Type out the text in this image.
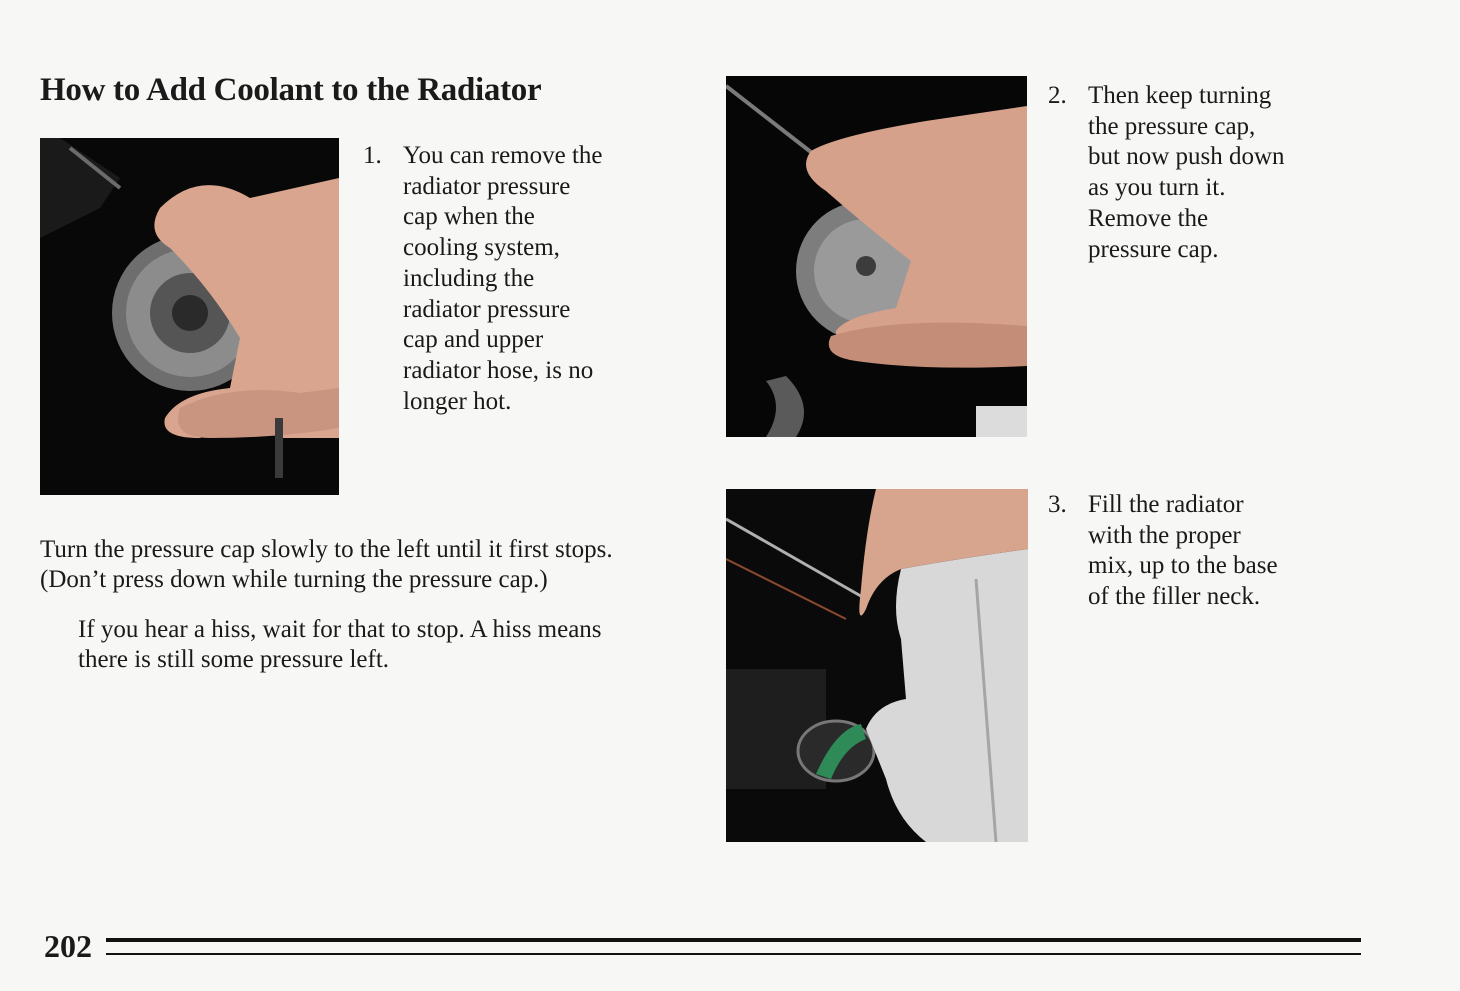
How to Add Coolant to the Radiator
1. You can remove the
radiator pressure
cap when the
cooling system,
including the
radiator pressure
cap and upper
radiator hose, is no
longer hot.

Turn the pressure cap slowly to the left until it first stops.
(Don’t press down while turning the pressure cap.)

If you hear a hiss, wait for that to stop. A hiss means
there is still some pressure left.

2. Then keep turning
the pressure cap,
but now push down
as you turn it.
Remove the
pressure cap.
3. Fill the radiator
with the proper
mix, up to the base
of the filler neck.
202
